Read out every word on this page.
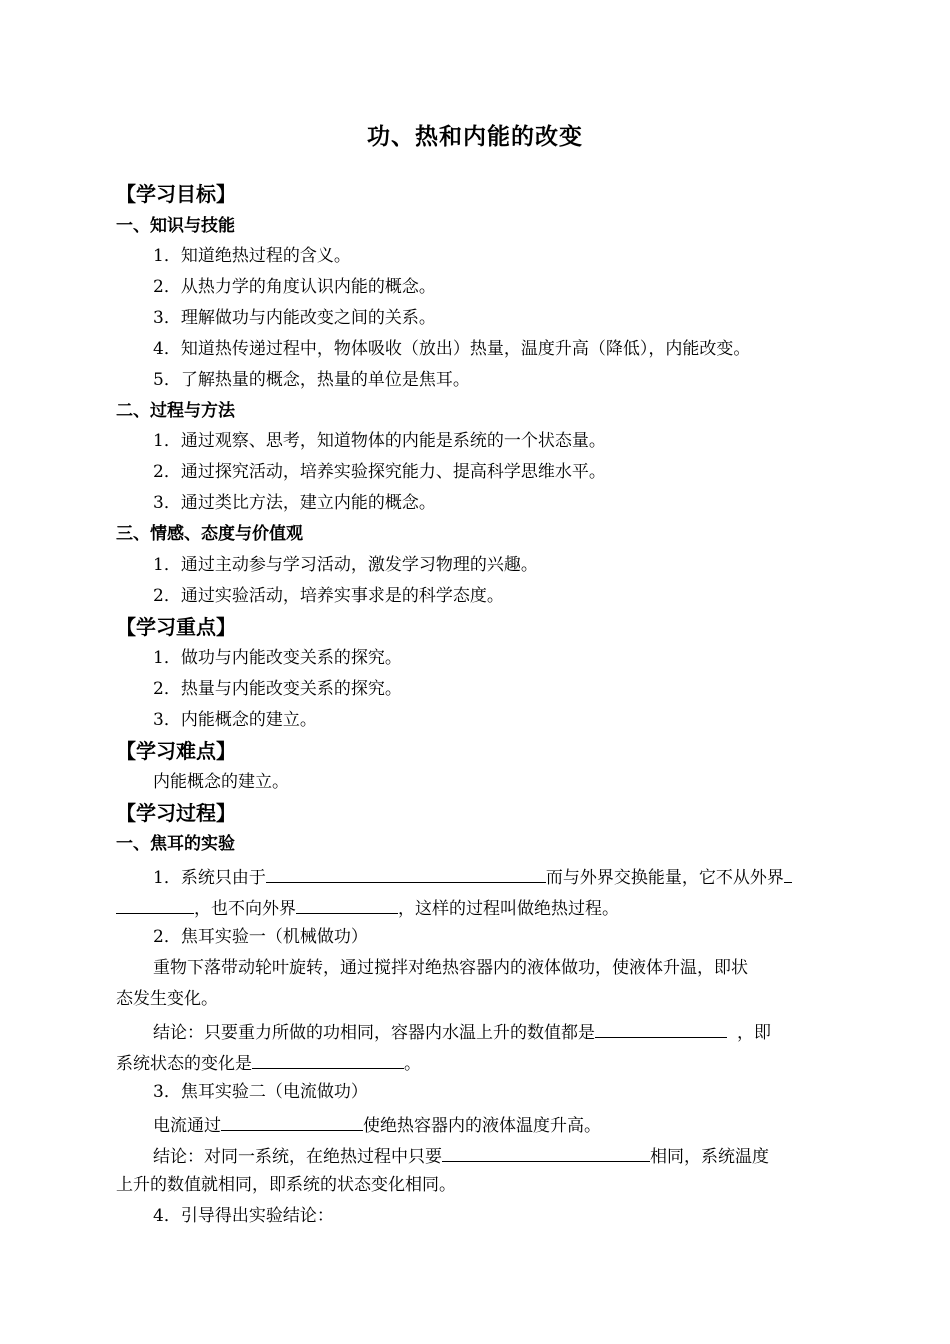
功、热和内能的改变
【学习目标】
一、知识与技能
1．知道绝热过程的含义。
2．从热力学的角度认识内能的概念。
3．理解做功与内能改变之间的关系。
4．知道热传递过程中，物体吸收（放出）热量，温度升高（降低），内能改变。
5．了解热量的概念，热量的单位是焦耳。
二、过程与方法
1．通过观察、思考，知道物体的内能是系统的一个状态量。
2．通过探究活动，培养实验探究能力、提高科学思维水平。
3．通过类比方法，建立内能的概念。
三、情感、态度与价值观
1．通过主动参与学习活动，激发学习物理的兴趣。
2．通过实验活动，培养实事求是的科学态度。
【学习重点】
1．做功与内能改变关系的探究。
2．热量与内能改变关系的探究。
3．内能概念的建立。
【学习难点】
内能概念的建立。
【学习过程】
一、焦耳的实验
1．系统只由于	而与外界交换能量，它不从外界
，也不向外界	，这样的过程叫做绝热过程。
2．焦耳实验一（机械做功）
重物下落带动轮叶旋转，通过搅拌对绝热容器内的液体做功，使液体升温，即状
态发生变化。
结论：只要重力所做的功相同，容器内水温上升的数值都是	，即
系统状态的变化是	。
3．焦耳实验二（电流做功）
电流通过	使绝热容器内的液体温度升高。
结论：对同一系统，在绝热过程中只要	相同，系统温度
上升的数值就相同，即系统的状态变化相同。
4．引导得出实验结论：
